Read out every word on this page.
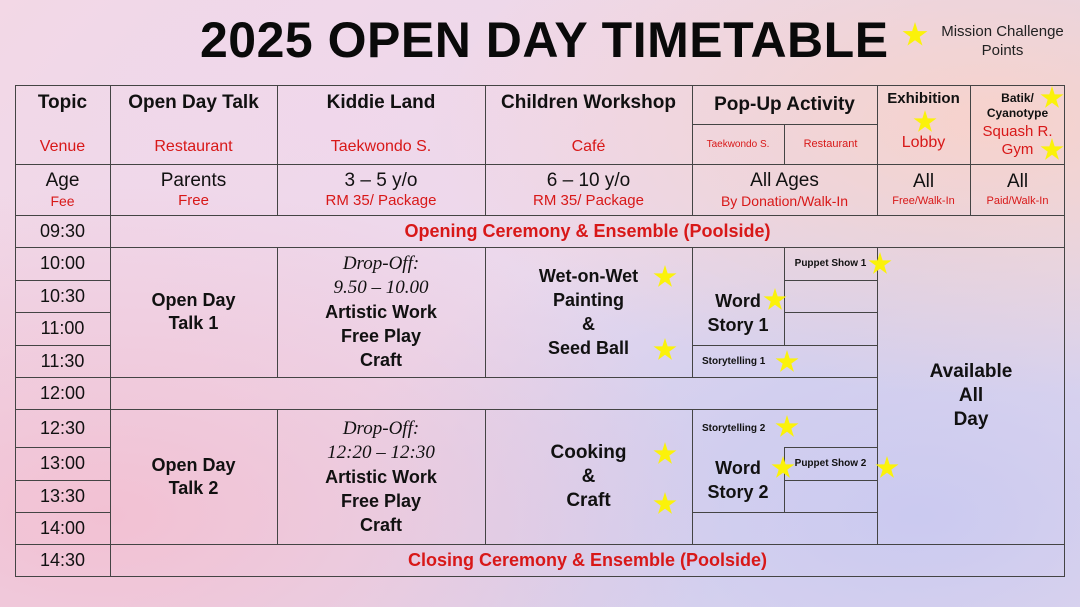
2025 OPEN DAY TIMETABLE	Mission Challenge Points
Topic
Venue
Open Day Talk
Restaurant
Kiddie Land
Taekwondo S.
Children Workshop
Café
Pop-Up Activity
Taekwondo S.	Restaurant
Exhibition
Lobby
Batik/
Cyanotype
Squash R.
Gym
Age
Fee
Parents
Free
3 – 5 y/o
RM 35/ Package
6 – 10 y/o
RM 35/ Package
All Ages
By Donation/Walk-In
All
Free/Walk-In
All
Paid/Walk-In
09:30
10:00
10:30
11:00
11:30
12:00
12:30
13:00
13:30
14:00
14:30
Opening Ceremony & Ensemble (Poolside)
Closing Ceremony & Ensemble (Poolside)
Open Day
Talk 1
Open Day
Talk 2
Drop-Off:
9.50 – 10.00
Artistic Work
Free Play
Craft
Drop-Off:
12:20 – 12:30
Artistic Work
Free Play
Craft
Wet-on-Wet
Painting
&
Seed Ball
Cooking
&
Craft
Word
Story 1
Puppet Show 1
Storytelling 1
Storytelling 2
Word
Story 2
Puppet Show 2
Available
All
Day
